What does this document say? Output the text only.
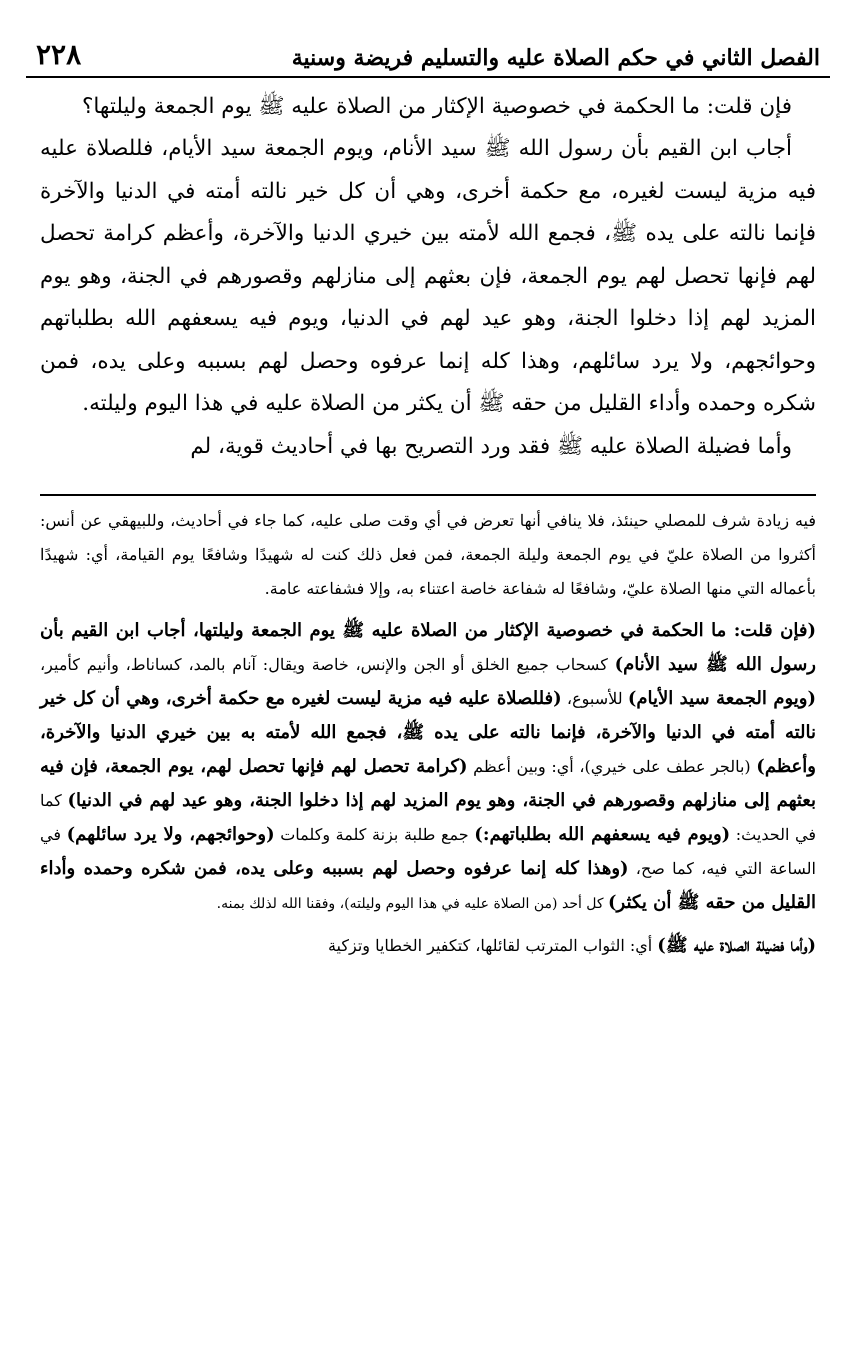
الفصل الثاني في حكم الصلاة عليه والتسليم فريضة وسنية
٢٢٨

فإن قلت: ما الحكمة في خصوصية الإكثار من الصلاة عليه ﷺ يوم الجمعة وليلتها؟

أجاب ابن القيم بأن رسول الله ﷺ سيد الأنام، ويوم الجمعة سيد الأيام، فللصلاة عليه فيه مزية ليست لغيره، مع حكمة أخرى، وهي أن كل خير نالته أمته في الدنيا والآخرة فإنما نالته على يده ﷺ، فجمع الله لأمته بين خيري الدنيا والآخرة، وأعظم كرامة تحصل لهم فإنها تحصل لهم يوم الجمعة، فإن بعثهم إلى منازلهم وقصورهم في الجنة، وهو يوم المزيد لهم إذا دخلوا الجنة، وهو عيد لهم في الدنيا، ويوم فيه يسعفهم الله بطلباتهم وحوائجهم، ولا يرد سائلهم، وهذا كله إنما عرفوه وحصل لهم بسببه وعلى يده، فمن شكره وحمده وأداء القليل من حقه ﷺ أن يكثر من الصلاة عليه في هذا اليوم وليلته.

وأما فضيلة الصلاة عليه ﷺ فقد ورد التصريح بها في أحاديث قوية، لم

فيه زيادة شرف للمصلي حينئذ، فلا ينافي أنها تعرض في أي وقت صلى عليه، كما جاء في أحاديث، وللبيهقي عن أنس: أكثروا من الصلاة عليّ في يوم الجمعة وليلة الجمعة، فمن فعل ذلك كنت له شهيدًا وشافعًا يوم القيامة، أي: شهيدًا بأعماله التي منها الصلاة عليّ، وشافعًا له شفاعة خاصة اعتناء به، وإلا فشفاعته عامة.

(فإن قلت: ما الحكمة في خصوصية الإكثار من الصلاة عليه ﷺ يوم الجمعة وليلتها، أجاب ابن القيم بأن رسول الله ﷺ سيد الأنام) كسحاب جميع الخلق أو الجن والإنس، خاصة ويقال: آنام بالمد، كساناط، وأنيم كأمير، (ويوم الجمعة سيد الأيام) للأسبوع، (فللصلاة عليه فيه مزية ليست لغيره مع حكمة أخرى، وهي أن كل خير نالته أمته في الدنيا والآخرة، فإنما نالته على يده ﷺ، فجمع الله لأمته به بين خيري الدنيا والآخرة، وأعظم) (بالجر عطف على خيري)، أي: وبين أعظم (كرامة تحصل لهم فإنها تحصل لهم، يوم الجمعة، فإن فيه بعثهم إلى منازلهم وقصورهم في الجنة، وهو يوم المزيد لهم إذا دخلوا الجنة، وهو عيد لهم في الدنيا) كما في الحديث: (ويوم فيه يسعفهم الله بطلباتهم:) جمع طلبة بزنة كلمة وكلمات (وحوائجهم، ولا يرد سائلهم) في الساعة التي فيه، كما صح، (وهذا كله إنما عرفوه وحصل لهم بسببه وعلى يده، فمن شكره وحمده وأداء القليل من حقه ﷺ أن يكثر) كل أحد (من الصلاة عليه في هذا اليوم وليلته)، وفقنا الله لذلك بمنه.

(وأما فضيلة الصلاة عليه ﷺ) أي: الثواب المترتب لقائلها، كتكفير الخطايا وتزكية
